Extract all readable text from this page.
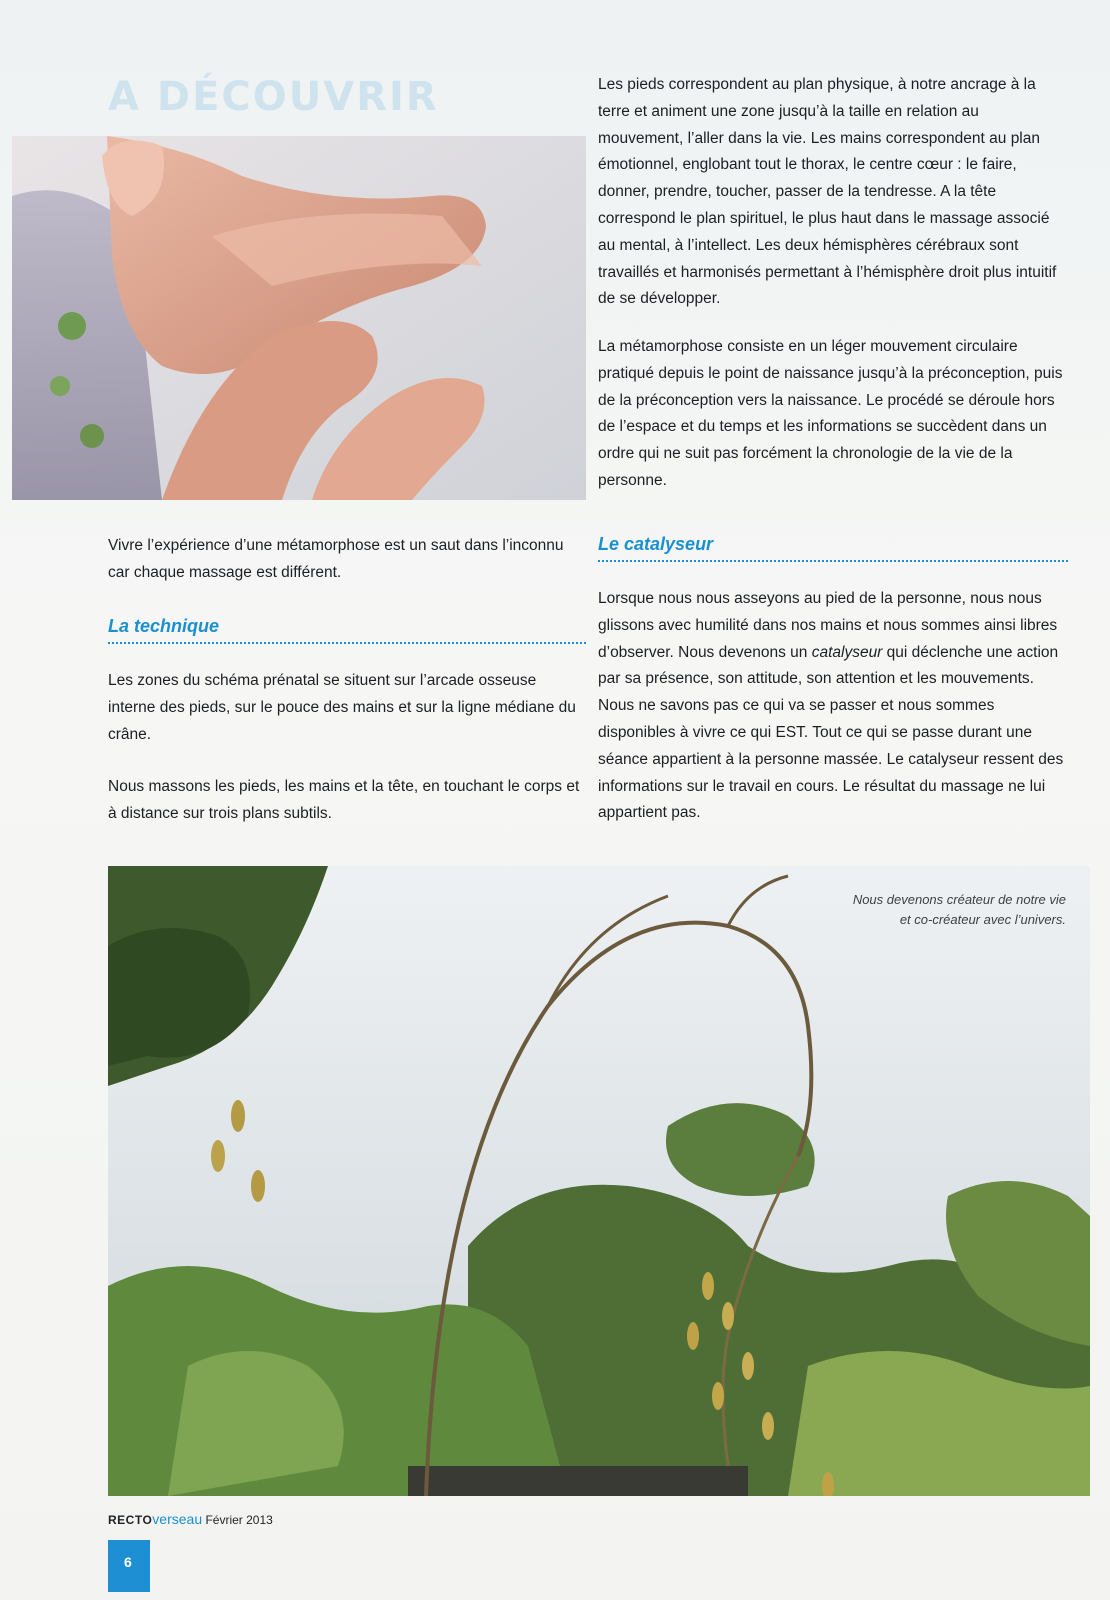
A DÉCOUVRIR	Les pieds correspondent au plan physique, à notre ancrage à la terre et animent une zone jusqu’à la taille en relation au mouvement, l’aller dans la vie. Les mains correspondent au plan émotionnel, englobant tout le thorax, le centre cœur : le faire, donner, prendre, toucher, passer de la tendresse. A la tête correspond le plan spirituel, le plus haut dans le massage associé au mental, à l’intellect. Les deux hémisphères cérébraux sont travaillés et harmonisés permettant à l’hémisphère droit plus intuitif de se développer.

La métamorphose consiste en un léger mouvement circulaire pratiqué depuis le point de naissance jusqu’à la préconception, puis de la préconception vers la naissance. Le procédé se déroule hors de l’espace et du temps et les informations se succèdent dans un ordre qui ne suit pas forcément la chronologie de la vie de la personne.

Le catalyseur

Lorsque nous nous asseyons au pied de la personne, nous nous glissons avec humilité dans nos mains et nous sommes ainsi libres d’observer. Nous devenons un catalyseur qui déclenche une action par sa présence, son attitude, son attention et les mouvements. Nous ne savons pas ce qui va se passer et nous sommes disponibles à vivre ce qui EST. Tout ce qui se passe durant une séance appartient à la personne massée. Le catalyseur ressent des informations sur le travail en cours. Le résultat du massage ne lui appartient pas.

Vivre l’expérience d’une métamorphose est un saut dans l’inconnu car chaque massage est différent.

La technique

Les zones du schéma prénatal se situent sur l’arcade osseuse interne des pieds, sur le pouce des mains et sur la ligne médiane du crâne.

Nous massons les pieds, les mains et la tête, en touchant le corps et à distance sur trois plans subtils.

Nous devenons créateur de notre vie
et co-créateur avec l’univers.
RECTOverseau Février 2013
6
